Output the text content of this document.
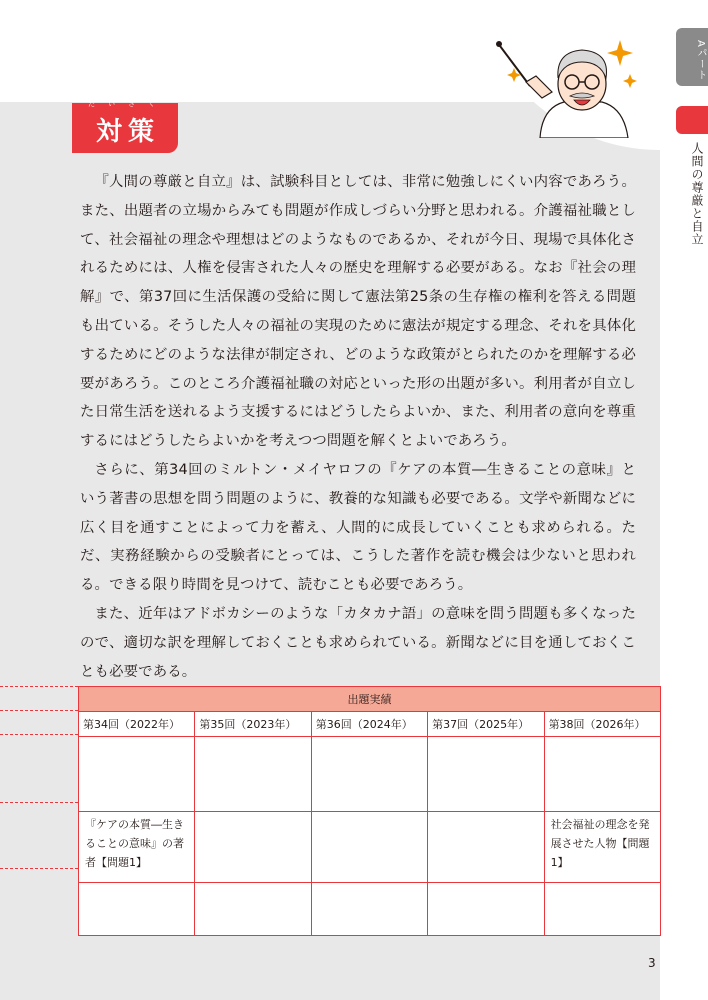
Aパート
人間の尊厳と自立
対策
たいさく

『人間の尊厳と自立』は、試験科目としては、非常に勉強しにくい内容であろう。また、出題者の立場からみても問題が作成しづらい分野と思われる。介護福祉職として、社会福祉の理念や理想はどのようなものであるか、それが今日、現場で具体化されるためには、人権を侵害された人々の歴史を理解する必要がある。なお『社会の理解』で、第37回に生活保護の受給に関して憲法第25条の生存権の権利を答える問題も出ている。そうした人々の福祉の実現のために憲法が規定する理念、それを具体化するためにどのような法律が制定され、どのような政策がとられたのかを理解する必要があろう。このところ介護福祉職の対応といった形の出題が多い。利用者が自立した日常生活を送れるよう支援するにはどうしたらよいか、また、利用者の意向を尊重するにはどうしたらよいかを考えつつ問題を解くとよいであろう。

さらに、第34回のミルトン・メイヤロフの『ケアの本質―生きることの意味』という著書の思想を問う問題のように、教養的な知識も必要である。文学や新聞などに広く目を通すことによって力を蓄え、人間的に成長していくことも求められる。ただ、実務経験からの受験者にとっては、こうした著作を読む機会は少ないと思われる。できる限り時間を見つけて、読むことも必要であろう。

また、近年はアドボカシーのような「カタカナ語」の意味を問う問題も多くなったので、適切な訳を理解しておくことも求められている。新聞などに目を通しておくことも必要である。

出題実績				
第34回（2022年）	第35回（2023年）	第36回（2024年）	第37回（2025年）	第38回（2026年）

『ケアの本質―生きることの意味』の著者【問題1】				社会福祉の理念を発展させた人物【問題1】

3
